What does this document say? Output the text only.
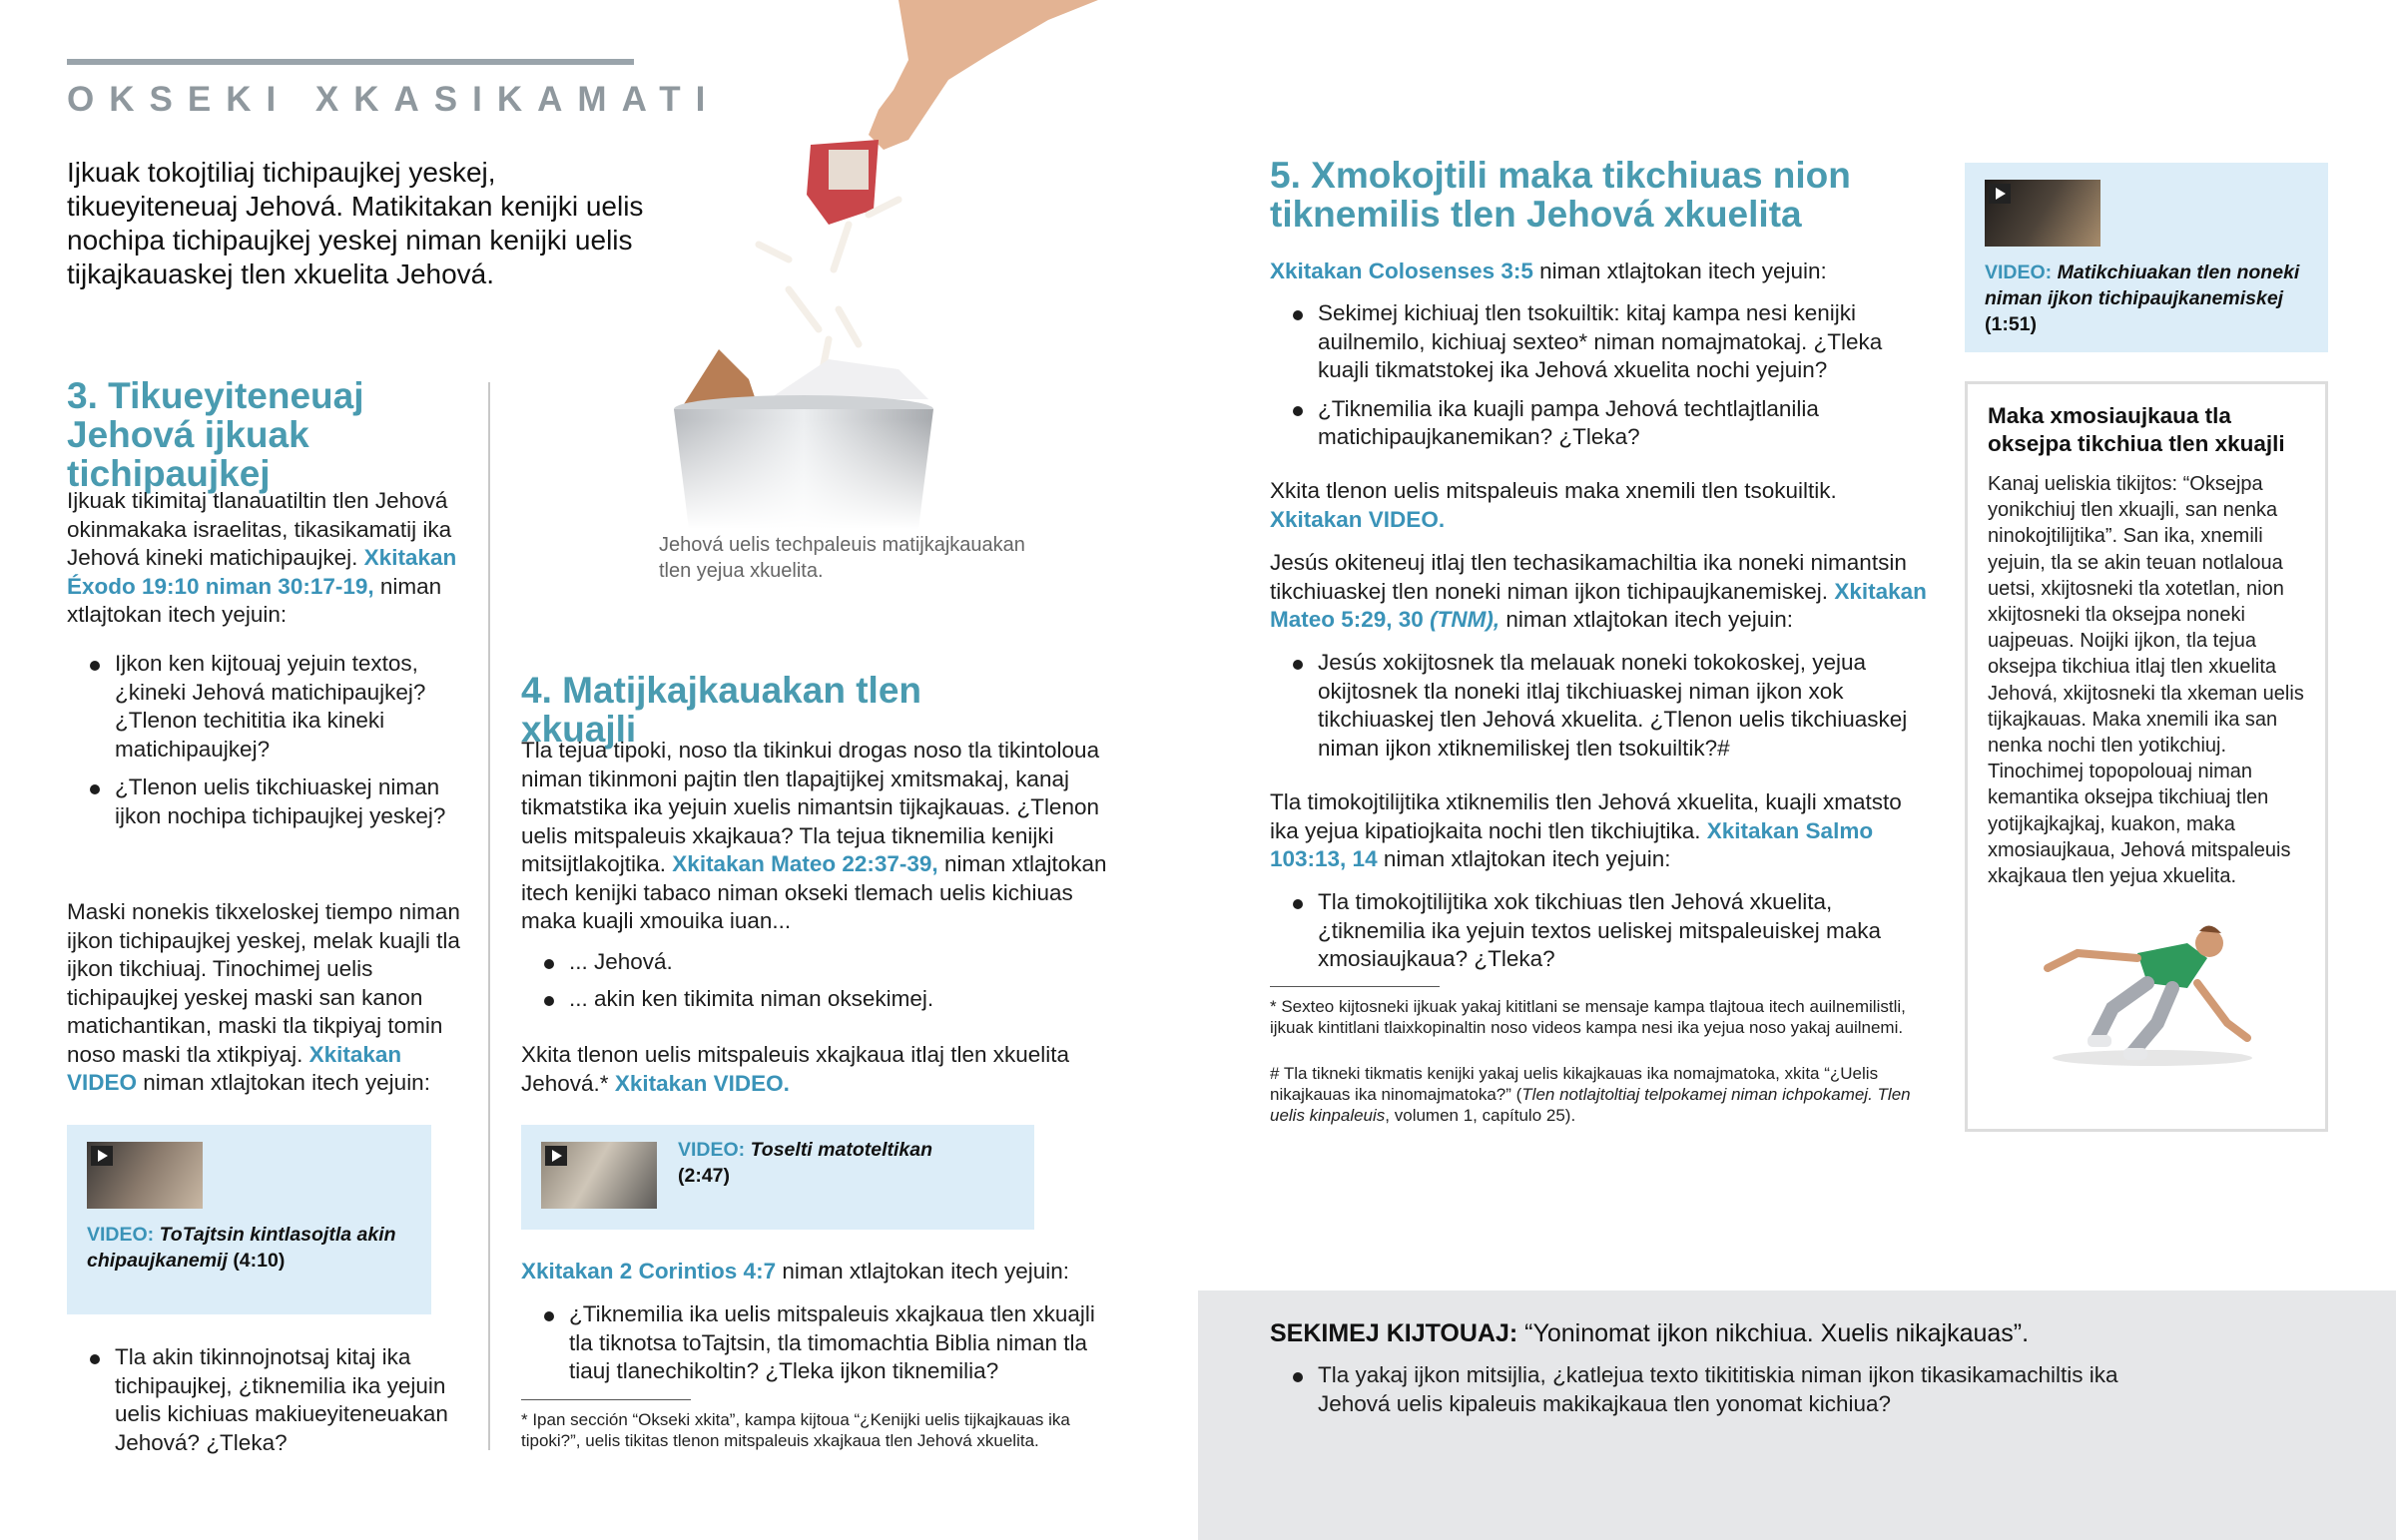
OKSEKI XKASIKAMATI

Ijkuak tokojtiliaj tichipaujkej yeskej, tikueyiteneuaj Jehová. Matikitakan kenijki uelis nochipa tichipaujkej yeskej niman kenijki uelis tijkajkauaskej tlen xkuelita Jehová.

3. Tikueyiteneuaj Jehová ijkuak tichipaujkej

Ijkuak tikimitaj tlanauatiltin tlen Jehová okinmakaka israelitas, tikasikamatij ika Jehová kineki matichipaujkej. Xkitakan Éxodo 19:10 niman 30:17-19, niman xtlajtokan itech yejuin:

Ijkon ken kijtouaj yejuin textos, ¿kineki Jehová matichipaujkej? ¿Tlenon techititia ika kineki matichipaujkej?
¿Tlenon uelis tikchiuaskej niman ijkon nochipa tichipaujkej yeskej?

Maski nonekis tikxeloskej tiempo niman ijkon tichipaujkej yeskej, melak kuajli tla ijkon tikchiuaj. Tinochimej uelis tichipaujkej yeskej maski san kanon matichantikan, maski tla tikpiyaj tomin noso maski tla xtikpiyaj. Xkitakan VIDEO niman xtlajtokan itech yejuin:

VIDEO: ToTajtsin kintlasojtla akin chipaujkanemij (4:10)
Tla akin tikinnojnotsaj kitaj ika tichipaujkej, ¿tiknemilia ika yejuin uelis kichiuas makiueyiteneuakan Jehová? ¿Tleka?

Jehová uelis techpaleuis matijkajkauakan tlen yejua xkuelita.

4. Matijkajkauakan tlen xkuajli

Tla tejua tipoki, noso tla tikinkui drogas noso tla tikintoloua niman tikinmoni pajtin tlen tlapajtijkej xmitsmakaj, kanaj tikmatstika ika yejuin xuelis nimantsin tijkajkauas. ¿Tlenon uelis mitspaleuis xkajkaua? Tla tejua tiknemilia kenijki mitsijtlakojtika. Xkitakan Mateo 22:37-39, niman xtlajtokan itech kenijki tabaco niman okseki tlemach uelis kichiuas maka kuajli xmouika iuan...

... Jehová.
... akin ken tikimita niman oksekimej.

Xkita tlenon uelis mitspaleuis xkajkaua itlaj tlen xkuelita Jehová.* Xkitakan VIDEO.

VIDEO: Toselti matoteltikan
(2:47)

Xkitakan 2 Corintios 4:7 niman xtlajtokan itech yejuin:

¿Tiknemilia ika uelis mitspaleuis xkajkaua tlen xkuajli tla tiknotsa toTajtsin, tla timomachtia Biblia niman tla tiauj tlanechikoltin? ¿Tleka ijkon tiknemilia?

* Ipan sección “Okseki xkita”, kampa kijtoua “¿Kenijki uelis tijkajkauas ika tipoki?”, uelis tikitas tlenon mitspaleuis xkajkaua tlen Jehová xkuelita.

5. Xmokojtili maka tikchiuas nion tiknemilis tlen Jehová xkuelita

Xkitakan Colosenses 3:5 niman xtlajtokan itech yejuin:

Sekimej kichiuaj tlen tsokuiltik: kitaj kampa nesi kenijki auilnemilo, kichiuaj sexteo* niman nomajmatokaj. ¿Tleka kuajli tikmatstokej ika Jehová xkuelita nochi yejuin?
¿Tiknemilia ika kuajli pampa Jehová techtlajtlanilia matichipaujkanemikan? ¿Tleka?

Xkita tlenon uelis mitspaleuis maka xnemili tlen tsokuiltik. Xkitakan VIDEO.

Jesús okiteneuj itlaj tlen techasikamachiltia ika noneki nimantsin tikchiuaskej tlen noneki niman ijkon tichipaujkanemiskej. Xkitakan Mateo 5:29, 30 (TNM), niman xtlajtokan itech yejuin:

Jesús xokijtosnek tla melauak noneki tokokoskej, yejua okijtosnek tla noneki itlaj tikchiuaskej niman ijkon xok tikchiuaskej tlen Jehová xkuelita. ¿Tlenon uelis tikchiuaskej niman ijkon xtiknemiliskej tlen tsokuiltik?#

Tla timokojtilijtika xtiknemilis tlen Jehová xkuelita, kuajli xmatsto ika yejua kipatiojkaita nochi tlen tikchiujtika. Xkitakan Salmo 103:13, 14 niman xtlajtokan itech yejuin:

Tla timokojtilijtika xok tikchiuas tlen Jehová xkuelita, ¿tiknemilia ika yejuin textos ueliskej mitspaleuiskej maka xmosiaujkaua? ¿Tleka?

* Sexteo kijtosneki ijkuak yakaj kititlani se mensaje kampa tlajtoua itech auilnemilistli, ijkuak kintitlani tlaixkopinaltin noso videos kampa nesi ika yejua noso yakaj auilnemi.

# Tla tikneki tikmatis kenijki yakaj uelis kikajkauas ika nomajmatoka, xkita “¿Uelis nikajkauas ika ninomajmatoka?” (Tlen notlajtoltiaj telpokamej niman ichpokamej. Tlen uelis kinpaleuis, volumen 1, capítulo 25).

VIDEO: Matikchiuakan tlen noneki niman ijkon tichipaujkanemiskej (1:51)
Maka xmosiaujkaua tla oksejpa tikchiua tlen xkuajli

Kanaj ueliskia tikijtos: “Oksejpa yonikchiuj tlen xkuajli, san nenka ninokojtilijtika”. San ika, xnemili yejuin, tla se akin teuan notlaloua uetsi, xkijtosneki tla xotetlan, nion xkijtosneki tla oksejpa noneki uajpeuas. Noijki ijkon, tla tejua oksejpa tikchiua itlaj tlen xkuelita Jehová, xkijtosneki tla xkeman uelis tijkajkauas. Maka xnemili ika san nenka nochi tlen yotikchiuj. Tinochimej topopolouaj niman kemantika oksejpa tikchiuaj tlen yotijkajkajkaj, kuakon, maka xmosiaujkaua, Jehová mitspaleuis xkajkaua tlen yejua xkuelita.

SEKIMEJ KIJTOUAJ: “Yoninomat ijkon nikchiua. Xuelis nikajkauas”.

Tla yakaj ijkon mitsijlia, ¿katlejua texto tikititiskia niman ijkon tikasikamachiltis ika Jehová uelis kipaleuis makikajkaua tlen yonomat kichiua?
